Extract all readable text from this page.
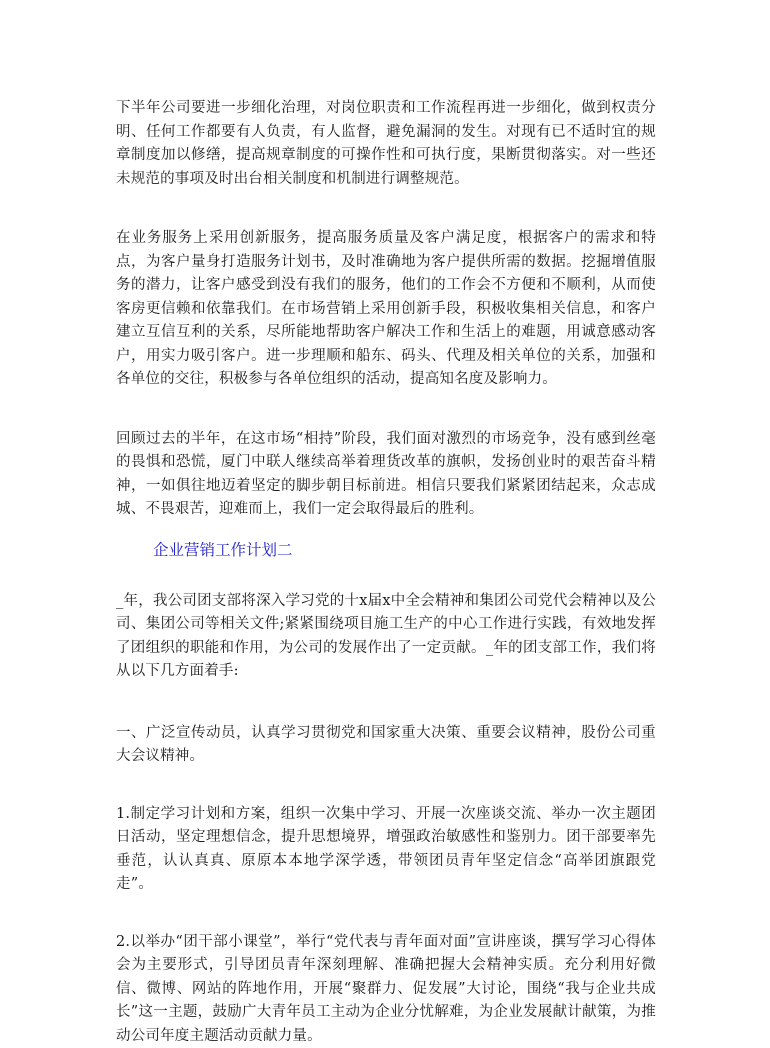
下半年公司要进一步细化治理，对岗位职责和工作流程再进一步细化，做到权责分明、任何工作都要有人负责，有人监督，避免漏洞的发生。对现有已不适时宜的规章制度加以修缮，提高规章制度的可操作性和可执行度，果断贯彻落实。对一些还未规范的事项及时出台相关制度和机制进行调整规范。

在业务服务上采用创新服务，提高服务质量及客户满足度，根据客户的需求和特点，为客户量身打造服务计划书，及时准确地为客户提供所需的数据。挖掘增值服务的潜力，让客户感受到没有我们的服务，他们的工作会不方便和不顺利，从而使客房更信赖和依靠我们。在市场营销上采用创新手段，积极收集相关信息，和客户建立互信互利的关系，尽所能地帮助客户解决工作和生活上的难题，用诚意感动客户，用实力吸引客户。进一步理顺和船东、码头、代理及相关单位的关系，加强和各单位的交往，积极参与各单位组织的活动，提高知名度及影响力。

回顾过去的半年，在这市场“相持”阶段，我们面对激烈的市场竞争，没有感到丝毫的畏惧和恐慌，厦门中联人继续高举着理货改革的旗帜，发扬创业时的艰苦奋斗精神，一如俱往地迈着坚定的脚步朝目标前进。相信只要我们紧紧团结起来，众志成城、不畏艰苦，迎难而上，我们一定会取得最后的胜利。

企业营销工作计划二

_年，我公司团支部将深入学习党的十x届x中全会精神和集团公司党代会精神以及公司、集团公司等相关文件;紧紧围绕项目施工生产的中心工作进行实践，有效地发挥了团组织的职能和作用，为公司的发展作出了一定贡献。_年的团支部工作，我们将从以下几方面着手:

一、广泛宣传动员，认真学习贯彻党和国家重大决策、重要会议精神，股份公司重大会议精神。

1.制定学习计划和方案，组织一次集中学习、开展一次座谈交流、举办一次主题团日活动，坚定理想信念，提升思想境界，增强政治敏感性和鉴别力。团干部要率先垂范，认认真真、原原本本地学深学透，带领团员青年坚定信念“高举团旗跟党走”。

2.以举办“团干部小课堂”，举行“党代表与青年面对面”宣讲座谈，撰写学习心得体会为主要形式，引导团员青年深刻理解、准确把握大会精神实质。充分利用好微信、微博、网站的阵地作用，开展“聚群力、促发展”大讨论，围绕“我与企业共成长”这一主题，鼓励广大青年员工主动为企业分忧解难，为企业发展献计献策，为推动公司年度主题活动贡献力量。
